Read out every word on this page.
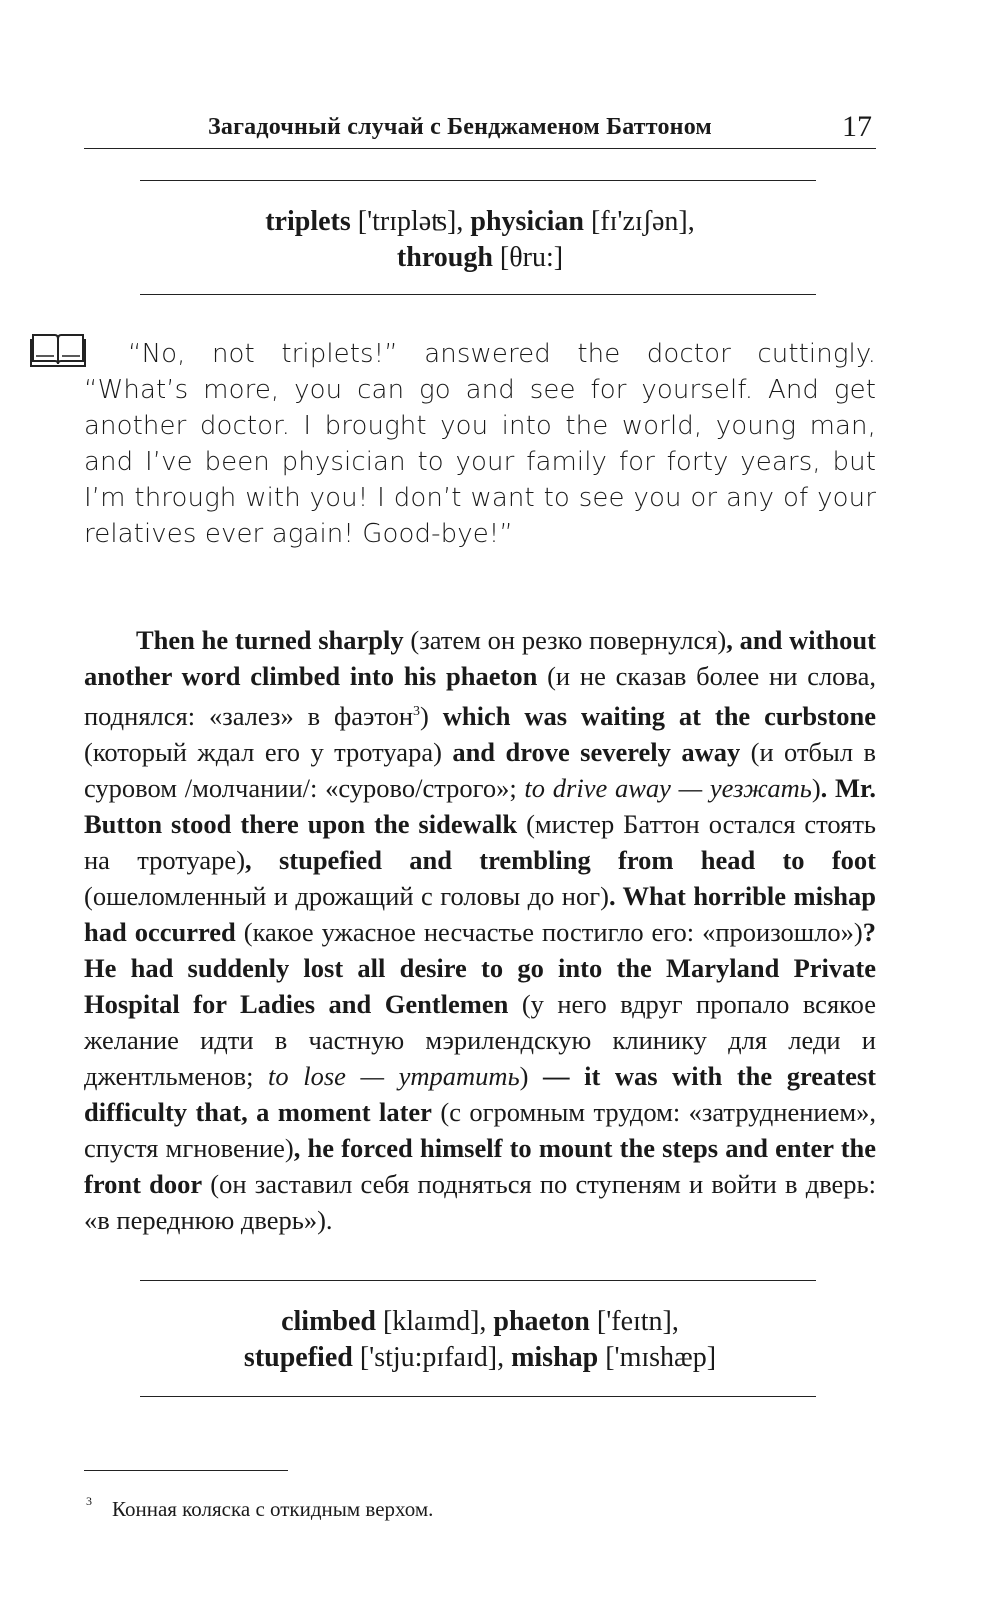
Загадочный случай с Бенджаменом Баттоном	17
triplets ['trɪpləʦ], physician [fɪ'zɪʃən],
through [θru:]
“No, not triplets!” answered the doctor cuttingly. “What’s more, you can go and see for yourself. And get another doctor. I brought you into the world, young man, and I’ve been physician to your family for forty years, but I’m through with you! I don’t want to see you or any of your relatives ever again! Good-bye!”
Then he turned sharply (затем он резко повернулся), and without another word climbed into his phaeton (и не сказав более ни слова, поднялся: «залез» в фаэтон$^3$) which was waiting at the curbstone (который ждал его у тротуара) and drove severely away (и отбыл в суровом /молчании/: «сурово/строго»; to drive away — уезжать). Mr. Button stood there upon the sidewalk (мистер Баттон остался стоять на тротуаре), stupefied and trembling from head to foot (ошеломленный и дрожащий с головы до ног). What horrible mishap had occurred (какое ужасное несчастье постигло его: «произошло»)? He had suddenly lost all desire to go into the Maryland Private Hospital for Ladies and Gentlemen (у него вдруг пропало всякое желание идти в частную мэрилендскую клинику для леди и джентльменов; to lose — утратить) — it was with the greatest difficulty that, a moment later (с огромным трудом: «затруднением», спустя мгновение), he forced himself to mount the steps and enter the front door (он заставил себя подняться по ступеням и войти в дверь: «в переднюю дверь»).
climbed [klaɪmd], phaeton ['feɪtn],
stupefied ['stju:pɪfaɪd], mishap ['mɪshæp]
$^3$ Конная коляска с откидным верхом.
